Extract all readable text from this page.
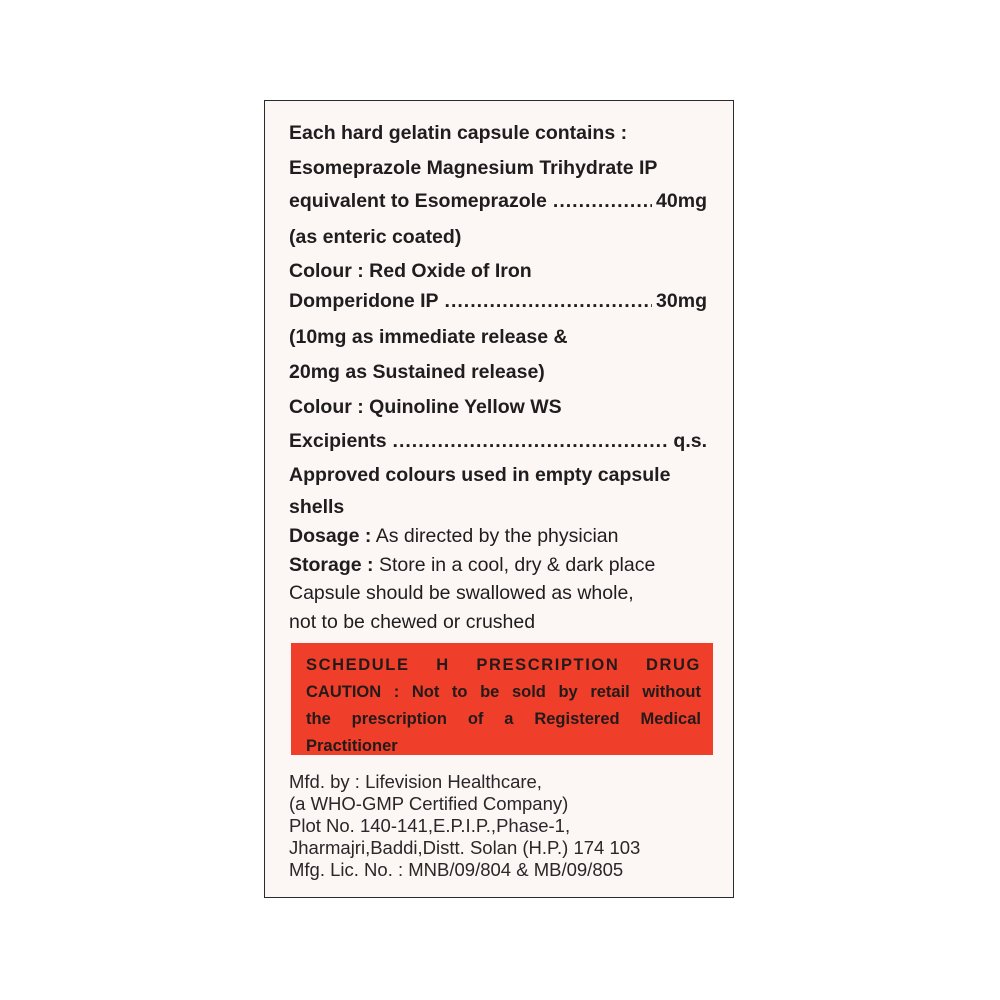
Each hard gelatin capsule contains :
Esomeprazole Magnesium Trihydrate IP
equivalent to Esomeprazole .....	40mg
(as enteric coated)
Colour : Red Oxide of Iron
Domperidone IP .....	30mg
(10mg as immediate release &
20mg as Sustained release)
Colour : Quinoline Yellow WS
Excipients .....	q.s.
Approved colours used in empty capsule
shells
Dosage : As directed by the physician
Storage : Store in a cool, dry & dark place
Capsule should be swallowed as whole,
not to be chewed or crushed
SCHEDULE H PRESCRIPTION DRUG
CAUTION : Not to be sold by retail without
the prescription of a Registered Medical
Practitioner
Mfd. by : Lifevision Healthcare,
(a WHO-GMP Certified Company)
Plot No. 140-141,E.P.I.P.,Phase-1,
Jharmajri,Baddi,Distt. Solan (H.P.) 174 103
Mfg. Lic. No. : MNB/09/804 & MB/09/805
